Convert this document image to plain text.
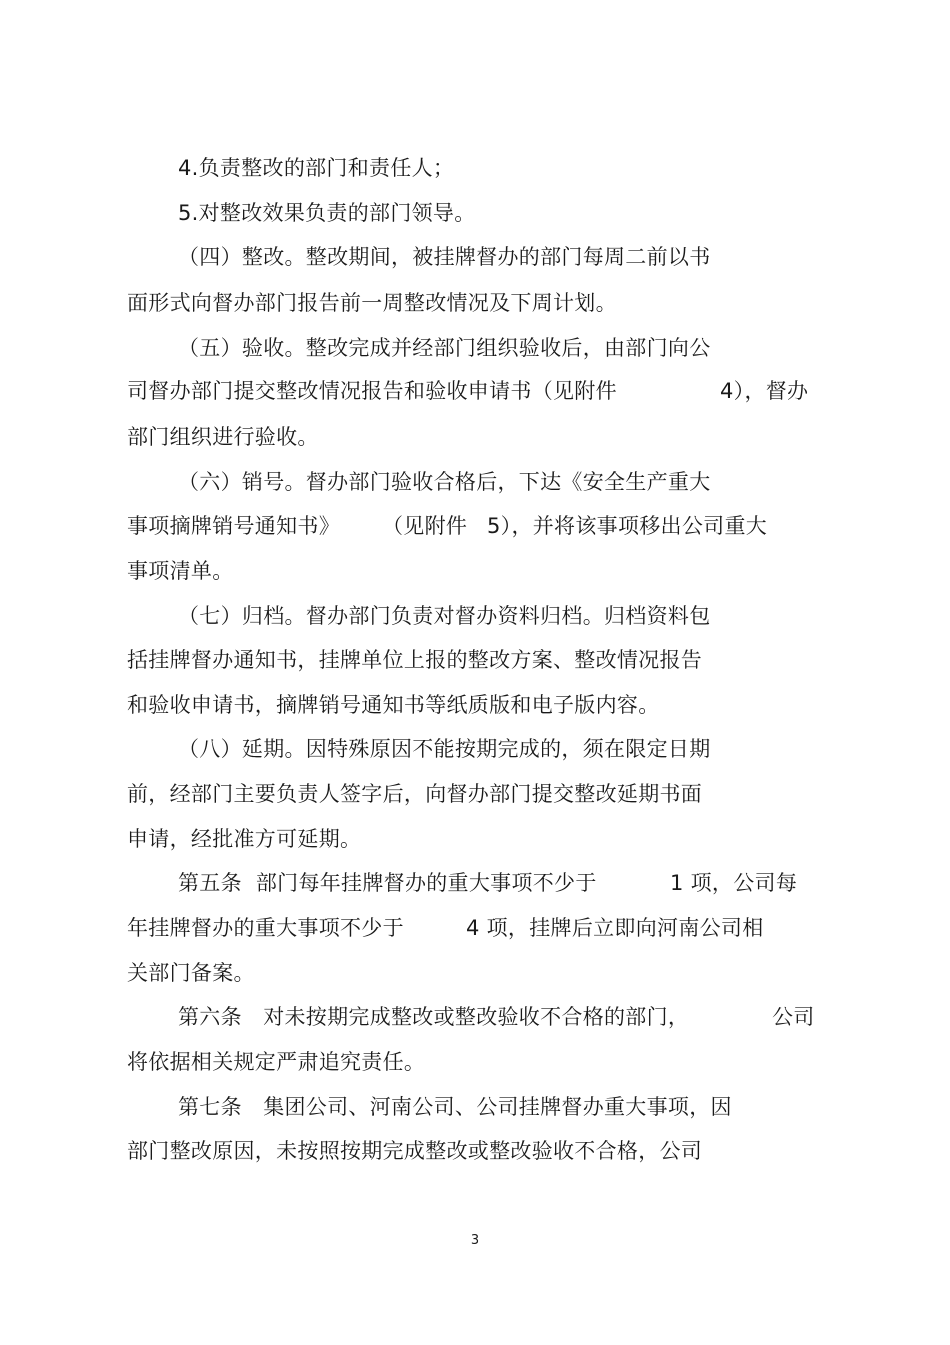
4.负责整改的部门和责任人；
5.对整改效果负责的部门领导。
（四）整改。整改期间，被挂牌督办的部门每周二前以书
面形式向督办部门报告前一周整改情况及下周计划。
（五）验收。整改完成并经部门组织验收后，由部门向公
司督办部门提交整改情况报告和验收申请书（见附件	4），督办
部门组织进行验收。
（六）销号。督办部门验收合格后，下达《安全生产重大
事项摘牌销号通知书》 （见附件 5），并将该事项移出公司重大
事项清单。
（七）归档。督办部门负责对督办资料归档。归档资料包
括挂牌督办通知书，挂牌单位上报的整改方案、整改情况报告
和验收申请书，摘牌销号通知书等纸质版和电子版内容。
（八）延期。因特殊原因不能按期完成的，须在限定日期
前，经部门主要负责人签字后，向督办部门提交整改延期书面
申请，经批准方可延期。
第五条  部门每年挂牌督办的重大事项不少于	1 项，公司每
年挂牌督办的重大事项不少于	4 项，挂牌后立即向河南公司相
关部门备案。
第六条　对未按期完成整改或整改验收不合格的部门，	公司
将依据相关规定严肃追究责任。
第七条　集团公司、河南公司、公司挂牌督办重大事项，因
部门整改原因，未按照按期完成整改或整改验收不合格，公司
3
